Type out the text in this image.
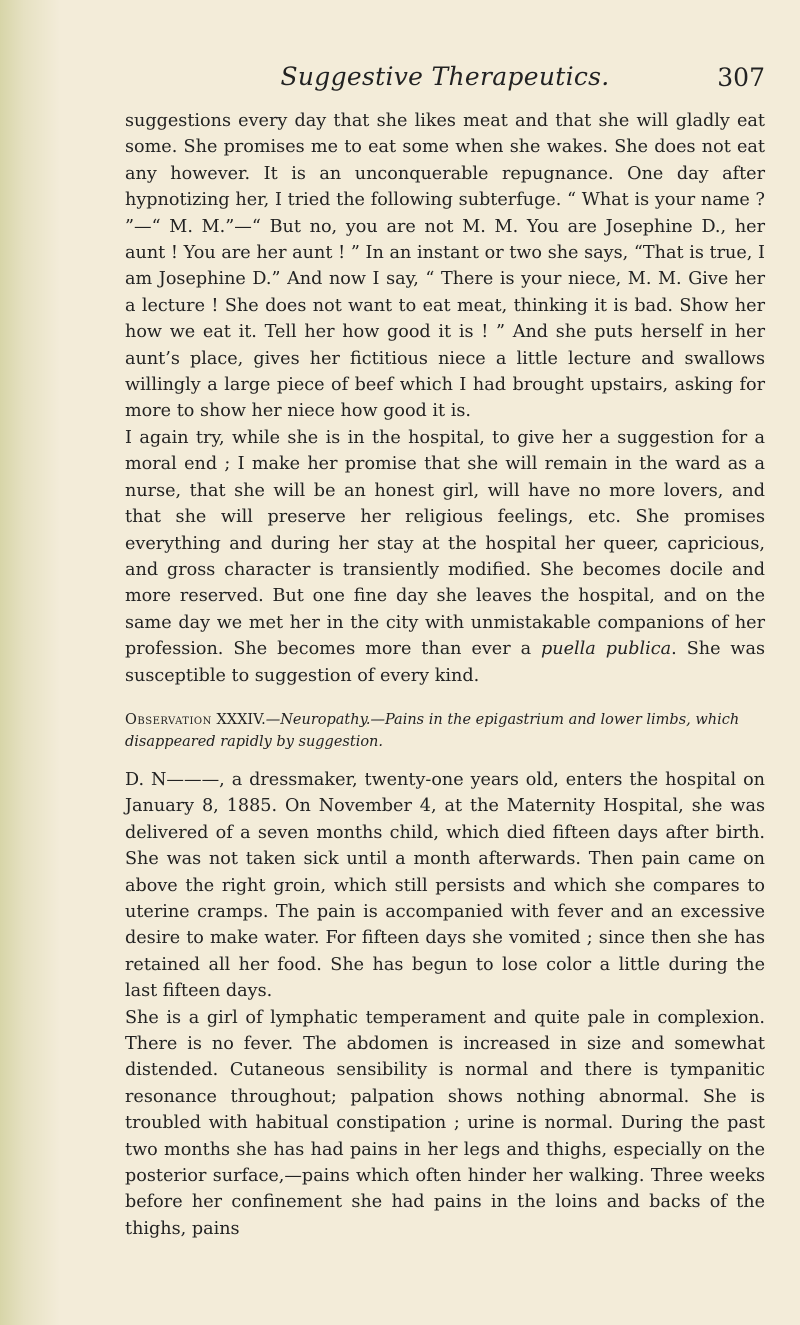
Suggestive Therapeutics.	307

suggestions every day that she likes meat and that she will gladly eat some. She promises me to eat some when she wakes. She does not eat any however. It is an unconquerable repugnance. One day after hypnotizing her, I tried the following subterfuge. “ What is your name ? ”—“ M. M.”—“ But no, you are not M. M. You are Josephine D., her aunt ! You are her aunt ! ” In an instant or two she says, “That is true, I am Josephine D.” And now I say, “ There is your niece, M. M. Give her a lecture ! She does not want to eat meat, thinking it is bad. Show her how we eat it. Tell her how good it is ! ” And she puts herself in her aunt’s place, gives her fictitious niece a little lecture and swallows willingly a large piece of beef which I had brought upstairs, asking for more to show her niece how good it is.

I again try, while she is in the hospital, to give her a suggestion for a moral end ; I make her promise that she will remain in the ward as a nurse, that she will be an honest girl, will have no more lovers, and that she will preserve her religious feelings, etc. She promises everything and during her stay at the hospital her queer, capricious, and gross character is transiently modified. She becomes docile and more reserved. But one fine day she leaves the hospital, and on the same day we met her in the city with unmistakable companions of her profession. She becomes more than ever a puella publica. She was susceptible to suggestion of every kind.

Observation XXXIV.—Neuropathy.—Pains in the epigastrium and lower limbs, which disappeared rapidly by suggestion.

D. N———, a dressmaker, twenty-one years old, enters the hospital on January 8, 1885. On November 4, at the Maternity Hospital, she was delivered of a seven months child, which died fifteen days after birth. She was not taken sick until a month afterwards. Then pain came on above the right groin, which still persists and which she compares to uterine cramps. The pain is accompanied with fever and an excessive desire to make water. For fifteen days she vomited ; since then she has retained all her food. She has begun to lose color a little during the last fifteen days.

She is a girl of lymphatic temperament and quite pale in complexion. There is no fever. The abdomen is increased in size and somewhat distended. Cutaneous sensibility is normal and there is tympanitic resonance throughout; palpation shows nothing abnormal. She is troubled with habitual constipation ; urine is normal. During the past two months she has had pains in her legs and thighs, especially on the posterior surface,—pains which often hinder her walking. Three weeks before her confinement she had pains in the loins and backs of the thighs, pains
